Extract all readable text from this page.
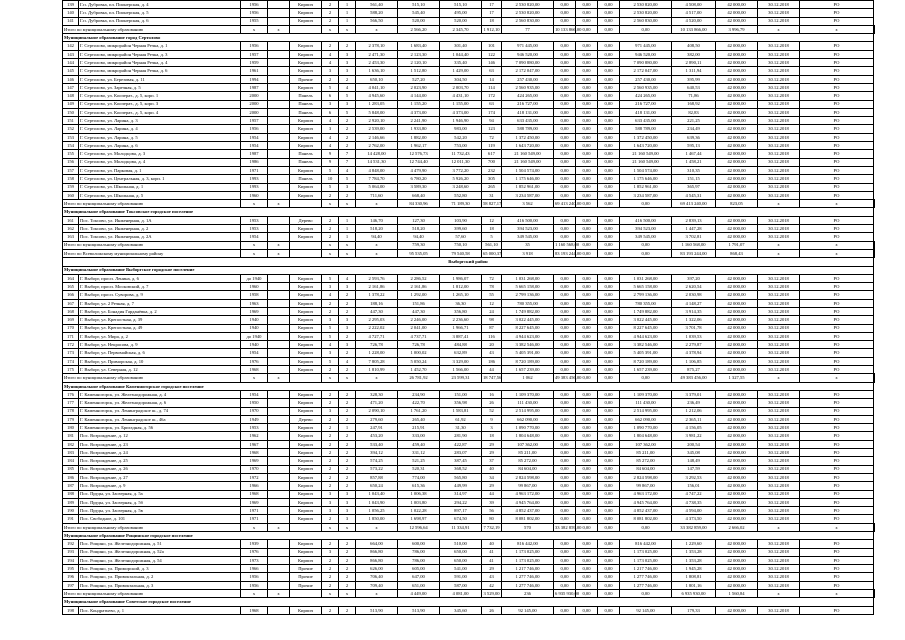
139	Г.п. Дубровка, пл. Пионерская, д. 4	1956		Кирпич	2	1	561,40	515,10	515,10	17	2 530 820,00	0,00	0,00	0,00	2 530 820,00	4 508,00	42 000,00	30.12.2018	РО	
140	Г.п. Дубровка, пл. Пионерская, д. 5	1956		Кирпич	2	1	588,20	545,40	495,00	17	2 530 820,00	0,00	0,00	0,00	2 530 820,00	4 517,00	42 000,00	30.12.2018	РО	
141	Г.п. Дубровка, пл. Пионерская, д. 6	1955		Кирпич	2	1	566,50	520,00	520,00	18	2 560 830,00	0,00	0,00	0,00	2 560 830,00	4 520,00	42 000,00	30.12.2018	РО	
Итого по муниципальному образованию		х	х		х	х	х	2 566,20	2 345,70	1 912,10	77	10 133 866,00	0,00	0,00	0,00	10 133 866,00	3 996,79	х	х	
Муниципальное образование город Сертолово																				
142	Г. Сертолово, микрорайон Черная Речка, д. 1	1956		Кирпич	2	2	2 378,10	1 683,40	301,40	101	971 445,00	0,00	0,00	0,00	971 445,00	408,50	42 000,00	30.12.2018	РО	
143	Г. Сертолово, микрорайон Черная Речка, д. 3	1957		Кирпич	4	3	2 471,30	2 123,30	1 044,40	122	946 520,00	0,00	0,00	0,00	946 520,00	382,00	42 000,00	30.12.2018	РО	
144	Г. Сертолово, микрорайон Черная Речка, д. 4	1959		Кирпич	4	3	2 453,30	2 120,10	335,40	146	7 090 880,00	0,00	0,00	0,00	7 090 880,00	2 890,11	42 000,00	30.12.2018	РО	
145	Г. Сертолово, микрорайон Черная Речка, д. 6	1961		Кирпич	3	3	1 636,10	1 512,80	1 429,00	63	2 172 047,00	0,00	0,00	0,00	2 172 047,00	1 311,94	42 000,00	30.12.2018	РО	
146	Г. Сертолово, ул. Березовая, д. 11	1994		Прочие	2	2	650,10	527,20	304,50	14	257 430,00	0,00	0,00	0,00	257 430,00	395,99	42 000,00	30.12.2018	РО	
147	Г. Сертолово, ул. Заречная, д. 5	1987		Кирпич	5	4	4 041,10	2 023,90	2 003,70	114	2 560 935,00	0,00	0,00	0,00	2 560 935,00	640,53	42 000,00	30.12.2018	РО	
148	Г. Сертолово, ул. Кооперат., д. 5, корп. 1	2000		Панель	6	5	4 945,60	4 144,00	4 431,10	172	424 265,00	0,00	0,00	0,00	424 265,00	71,86	42 000,00	30.12.2018	РО	
149	Г. Сертолово, ул. Кооперат., д. 5, корп. 3	2000		Панель	3	3	1 283,05	1 155,20	1 155,00	63	216 727,00	0,00	0,00	0,00	216 727,00	168,92	42 000,00	30.12.2018	РО	
150	Г. Сертолово, ул. Кооперат., д. 5, корп. 4	2000		Панель	6	5	5 848,00	4 373,00	4 373,00	174	418 131,00	0,00	0,00	0,00	418 131,00	82,83	42 000,00	30.12.2018	РО	
151	Г. Сертолово, ул. Ларина, д. 3	1957		Кирпич	4	2	2 920,10	2 241,90	1 946,90	94	633 435,00	0,00	0,00	0,00	633 435,00	221,25	42 000,00	30.12.2018	РО	
152	Г. Сертолово, ул. Ларина, д. 4	1956		Кирпич	3	2	2 539,00	1 933,80	983,00	123	588 789,00	0,00	0,00	0,00	588 789,00	234,49	42 000,00	30.12.2018	РО	
153	Г. Сертолово, ул. Ларина, д. 5	1954		Кирпич	4	2	2 146,66	1 882,00	542,20	72	1 372 450,00	0,00	0,00	0,00	1 372 450,00	639,36	42 000,00	30.12.2018	РО	
154	Г. Сертолово, ул. Ларина, д. 6	1954		Кирпич	4	2	2 762,00	1 962,17	753,00	119	1 643 720,00	0,00	0,00	0,00	1 643 720,00	595,13	42 000,00	30.12.2018	РО	
155	Г. Сертолово, ул. Молодцова, д. 3	1987		Панель	9	7	14 428,00	12 576,73	11 732,43	617	21 160 549,00	0,00	0,00	0,00	21 160 549,00	1 467,44	42 000,00	30.12.2018	РО	
156	Г. Сертолово, ул. Молодцова, д. 4	1986		Панель	9	7	14 531,30	12 744,40	12 011,30	700	21 160 549,00	0,00	0,00	0,00	21 160 549,00	1 458,21	42 000,00	30.12.2018	РО	
157	Г. Сертолово, ул. Парковая, д. 1	1971		Кирпич	5	4	4 848,00	4 479,90	3 772,20	232	1 504 574,00	0,00	0,00	0,00	1 504 574,00	310,35	42 000,00	30.12.2018	РО	
158	Г. Сертолово, ул. Центральная, д. 3, корп. 1	1993		Панель	10	5	7 784,70	6 780,20	5 926,20	305	1 175 646,00	0,00	0,00	0,00	1 175 646,00	151,15	42 000,00	30.12.2018	РО	
159	Г. Сертолово, ул. Школьная, д. 1	1993		Кирпич	5	3	5 064,00	3 589,30	3 248,60	265	1 852 961,00	0,00	0,00	0,00	1 852 961,00	365,97	42 000,00	30.12.2018	РО	
160	Г. Сертолово, ул. Школьная, д. 5	1960		Кирпич	2	2	711,60	668,40	552,80	31	3 234 587,00	0,00	0,00	0,00	3 234 587,00	4 545,31	42 000,00	30.12.2018	РО	
Итого по муниципальному образованию		х	х		х	х	х	84 330,96	71 189,30	58 827,17	3 562	69 413 240,00	0,00	0,00	0,00	69 413 240,00	823,05	х	х	
Муниципальное образование Токсовское городское поселение																				
161	Пос. Токсово, ул. Инженерная, д. 1А	1953		Дерево	2	1	146,70	127,30	103,90	12	416 500,00	0,00	0,00	0,00	416 500,00	2 839,13	42 000,00	30.12.2018	РО	
162	Пос. Токсово, ул. Инженерная, д. 2	1953		Кирпич	2	1	518,20	518,20	399,60	18	394 523,00	0,00	0,00	0,00	394 523,00	1 447,28	42 000,00	30.12.2018	РО	
163	Пос. Токсово, ул. Инженерная, д. 2А	1954		Кирпич	2	1	94,40	94,40	57,60	5	349 545,00	0,00	0,00	0,00	349 545,00	3 702,81	42 000,00	30.12.2018	РО	
Итого по муниципальному образованию		х	х		х	х	х	759,30	750,10	561,10	35	1 160 568,00	0,00	0,00	0,00	1 160 568,00	1 791,07	х	х	
Итого по Всеволожскому муниципальному району		х	х		х	х	х	95 535,05	79 540,58	65 000,37	3 918	83 193 244,00	0,00	0,00	0,00	83 193 244,00	868,43	х	х	
Выборгский район																				
Муниципальное образование Выборгское городское поселение																				
164	Г. Выборг, просп. Ленина, д. 6	до 1940		Кирпич	5	4	2 593,76	2 286,52	1 986,07	72	1 031 268,00	0,00	0,00	0,00	1 031 268,00	397,20	42 000,00	30.12.2018	РО	
165	Г. Выборг, просп. Московский, д. 7	1960		Кирпич	3	3	2 161,86	2 161,86	1 812,00	78	5 665 158,00	0,00	0,00	0,00	5 665 158,00	2 620,54	42 000,00	30.12.2018	РО	
166	Г. Выборг, просп. Суворова, д. 9	1958		Кирпич	4	2	1 378,22	1 292,00	1 265,10	55	2 799 136,00	0,00	0,00	0,00	2 799 136,00	2 030,98	42 000,00	30.12.2018	РО	
167	Г. Выборг, ул. 2 Речная, д. 7	1963		Кирпич	2	2	188,16	151,86	36,30	12	780 355,00	0,00	0,00	0,00	780 355,00	4 148,27	42 000,00	30.12.2018	РО	
168	Г. Выборг, ул. Бонадия Гарданёвка, д. 2	1969		Кирпич	2	2	447,30	447,30	356,80	24	1 749 882,00	0,00	0,00	0,00	1 749 882,00	3 914,35	42 000,00	30.12.2018	РО	
169	Г. Выборг, ул. Крепостная, д. 39	1940		Кирпич	3	3	2 295,03	2 246,00	2 236,60	98	3 022 445,00	0,00	0,00	0,00	3 022 445,00	1 322,06	42 000,00	30.12.2018	РО	
170	Г. Выборг, ул. Крепостная, д. 49	1940		Кирпич	5	3	2 222,02	2 041,00	1 966,71	87	8 227 645,00	0,00	0,00	0,00	8 227 645,00	3 701,78	42 000,00	30.12.2018	РО	
171	Г. Выборг, ул. Мира, д. 2	до 1940		Кирпич	5	2	4 727,71	4 737,71	3 887,41	116	4 944 623,00	0,00	0,00	0,00	4 944 623,00	1 039,53	42 000,00	30.12.2018	РО	
172	Г. Выборг, ул. Некрасова, д. 9	1940		Кирпич	4	3	726,78	726,78	484,88	20	3 382 546,00	0,00	0,00	0,00	3 382 546,00	2 279,87	42 000,00	30.12.2018	РО	
173	Г. Выборг, ул. Первомайская, д. 6	1954		Кирпич	3	2	1 228,00	1 000,02	632,89	43	5 405 391,00	0,00	0,00	0,00	5 405 391,00	4 378,94	42 000,00	30.12.2018	РО	
174	Г. Выборг, ул. Приморская, д. 10	1976		Кирпич	5	4	7 805,28	5 050,24	3 329,00	186	8 720 189,00	0,00	0,00	0,00	8 720 189,00	1 106,85	42 000,00	30.12.2018	РО	
175	Г. Выборг, ул. Северная, д. 12	1968		Кирпич	2	2	1 810,99	1 452,70	1 566,00	44	1 657 239,00	0,00	0,00	0,00	1 657 239,00	875,27	42 000,00	30.12.2018	РО	
Итого по муниципальному образованию		х	х		х	х	х	26 781,92	23 599,31	18 747,56	1 062	49 383 456,00	0,00	0,00	0,00	49 383 456,00	1 327,55	х	х	
Муниципальное образование Каменногорское городское поселение																				
176	Г. Каменногорск, ул. Железнодорожная, д. 4	1954		Кирпич	2	2	328,30	234,90	151,00	16	1 109 370,00	0,00	0,00	0,00	1 109 370,00	3 379,01	42 000,00	30.12.2018	РО	
177	Г. Каменногорск, ул. Железнодорожная, д. 6	1950		Кирпич	2	2	471,20	422,70	356,98	26	111 430,00	0,00	0,00	0,00	111 430,00	236,49	42 000,00	30.12.2018	РО	
178	Г. Каменногорск, ул. Ленинградское ш., д. 74	1970		Кирпич	3	2	2 090,10	1 761,20	1 583,81	52	2 514 995,00	0,00	0,00	0,00	2 514 995,00	1 212,06	42 000,00	30.12.2018	РО	
179	Г. Каменногорск, ул. Ленинградское ш., 46а	1949		Дерево	2	2	279,60	265,40	61,92	9	662 090,00	0,00	0,00	0,00	662 090,00	2 365,11	42 000,00	30.12.2018	РО	
180	Г. Каменногорск, ул. Бригадная, д. 56	1953		Кирпич	2	1	247,91	215,91	31,30	3	1 090 770,00	0,00	0,00	0,00	1 090 770,00	4 156,05	42 000,00	30.12.2018	РО	
181	Пос. Возрождение, д. 12	1962		Кирпич	2	2	453,20	333,00	281,90	18	1 804 648,00	0,00	0,00	0,00	1 804 648,00	3 981,22	42 000,00	30.12.2018	РО	
182	Пос. Возрождение, д. 23	1967		Кирпич	2	2	533,40	459,40	422,87	29	107 362,00	0,00	0,00	0,00	107 362,00	200,54	42 000,00	30.12.2018	РО	
183	Пос. Возрождение, д. 24	1968		Кирпич	2	2	394,12	331,12	283,07	29	85 211,00	0,00	0,00	0,00	85 211,00	345,08	42 000,00	30.12.2018	РО	
184	Пос. Возрождение, д. 25	1969		Кирпич	2	2	574,25	521,25	387,45	37	85 272,00	0,00	0,00	0,00	85 272,00	148,49	42 000,00	30.12.2018	РО	
185	Пос. Возрождение, д. 26	1970		Кирпич	2	2	573,22	520,31	368,52	40	84 604,00	0,00	0,00	0,00	84 604,00	147,59	42 000,00	30.12.2018	РО	
186	Пос. Возрождение, д. 27	1972		Кирпич	2	2	857,88	774,00	565,80	34	2 824 598,00	0,00	0,00	0,00	2 824 598,00	3 292,53	42 000,00	30.12.2018	РО	
187	Пос. Возрождение, д. 9	1966		Кирпич	2	2	650,24	615,36	449,99	29	99 867,00	0,00	0,00	0,00	99 867,00	156,01	42 000,00	30.12.2018	РО	
188	Пос. Пруды, ул. Заозерная, д. 5а	1968		Кирпич	3	3	1 043,40	1 006,38	314,97	44	4 963 172,00	0,00	0,00	0,00	4 963 172,00	4 747,22	42 000,00	30.12.2018	РО	
189	Пос. Пруды, ул. Заозерная, д. 5б	1969		Кирпич	3	3	1 043,90	1 003,80	294,22	39	4 945 764,00	0,00	0,00	0,00	4 945 764,00	4 738,35	42 000,00	30.12.2018	РО	
190	Пос. Пруды, ул. Заозерная, д. 5в	1971		Кирпич	3	3	1 056,25	1 022,28	897,17	56	4 852 437,00	0,00	0,00	0,00	4 852 437,00	4 594,00	42 000,00	30.12.2018	РО	
191	Пос. Свободное, д. 101	1971		Кирпич	2	3	1 850,00	1 698,97	674,50	80	8 081 802,00	0,00	0,00	0,00	8 081 802,00	4 373,50	42 000,00	30.12.2018	РО	
Итого по муниципальному образованию		х	х		х	х	х	12 596,64	11 334,91	7 732,19	570	33 382 859,00	0,00	0,00	0,00	33 382 859,00	2 666,02	х	х	
Муниципальное образование Рощинское городское поселение																				
192	Пос. Рощино, ул. Железнодорожная, д. 51	1939		Кирпич	2	2	664,00	600,00	510,00	40	816 442,00	0,00	0,00	0,00	816 442,00	1 229,60	42 000,00	30.12.2018	РО	
193	Пос. Рощино, ул. Железнодорожная, д. 52а	1976		Кирпич	3	2	866,80	786,00	650,00	41	1 173 025,00	0,00	0,00	0,00	1 173 025,00	1 353,28	42 000,00	30.12.2018	РО	
194	Пос. Рощино, ул. Железнодорожная, д. 54	1973		Кирпич	2	2	866,80	786,00	650,00	41	1 173 025,00	0,00	0,00	0,00	1 173 025,00	1 353,28	42 000,00	30.12.2018	РО	
195	Пос. Рощино, ул. Приморский, д. 3	1966		Прочие	2	2	626,00	605,00	541,00	29	1 217 746,00	0,00	0,00	0,00	1 217 746,00	1 945,28	42 000,00	30.12.2018	РО	
196	Пос. Рощино, ул. Привокзальная, д. 2	1956		Прочие	2	2	706,40	647,00	591,00	43	1 277 746,00	0,00	0,00	0,00	1 277 746,00	1 808,81	42 000,00	30.12.2018	РО	
197	Пос. Рощино, ул. Привокзальная, д. 3	1956		Прочие	2	2	709,40	651,00	587,00	42	1 277 746,00	0,00	0,00	0,00	1 277 746,00	1 801,16	42 000,00	30.12.2018	РО	
Итого по муниципальному образованию		х	х		х	х	х	4 449,00	4 081,00	3 529,00	236	6 935 930,00	0,00	0,00	0,00	6 935 930,00	1 560,84	х	х	
Муниципальное образование Советское городское поселение																				
198	Пос. Кондратьево, д. 1	1968		Кирпич	2	2	513,90	513,90	345,60	26	92 145,00	0,00	0,00	0,00	92 145,00	179,33	42 000,00	30.12.2018	РО	
